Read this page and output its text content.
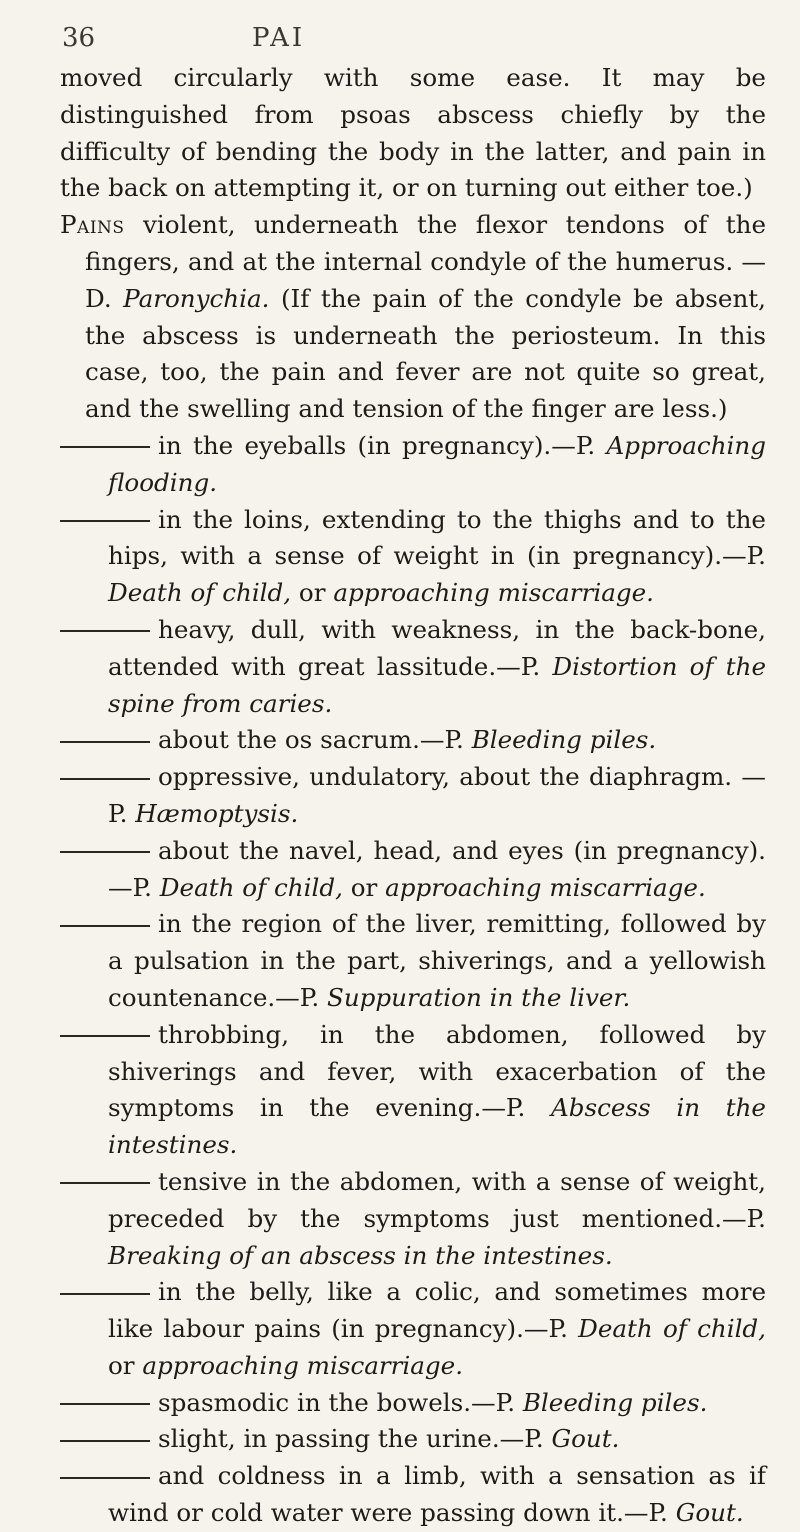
36	PAI

moved circularly with some ease. It may be distinguished from psoas abscess chiefly by the difficulty of bending the body in the latter, and pain in the back on attempting it, or on turning out either toe.)

Pains violent, underneath the flexor tendons of the fingers, and at the internal condyle of the humerus. —D. Paronychia. (If the pain of the condyle be absent, the abscess is underneath the periosteum. In this case, too, the pain and fever are not quite so great, and the swelling and tension of the finger are less.)

in the eyeballs (in pregnancy).—P. Approaching flooding.

in the loins, extending to the thighs and to the hips, with a sense of weight in (in pregnancy).—P. Death of child, or approaching miscarriage.

heavy, dull, with weakness, in the back-bone, attended with great lassitude.—P. Distortion of the spine from caries.

about the os sacrum.—P. Bleeding piles.

oppressive, undulatory, about the diaphragm. —P. Hæmoptysis.

about the navel, head, and eyes (in pregnancy). —P. Death of child, or approaching miscarriage.

in the region of the liver, remitting, followed by a pulsation in the part, shiverings, and a yellowish countenance.—P. Suppuration in the liver.

throbbing, in the abdomen, followed by shiverings and fever, with exacerbation of the symptoms in the evening.—P. Abscess in the intestines.

tensive in the abdomen, with a sense of weight, preceded by the symptoms just mentioned.—P. Breaking of an abscess in the intestines.

in the belly, like a colic, and sometimes more like labour pains (in pregnancy).—P. Death of child, or approaching miscarriage.

spasmodic in the bowels.—P. Bleeding piles.

slight, in passing the urine.—P. Gout.

and coldness in a limb, with a sensation as if wind or cold water were passing down it.—P. Gout.
